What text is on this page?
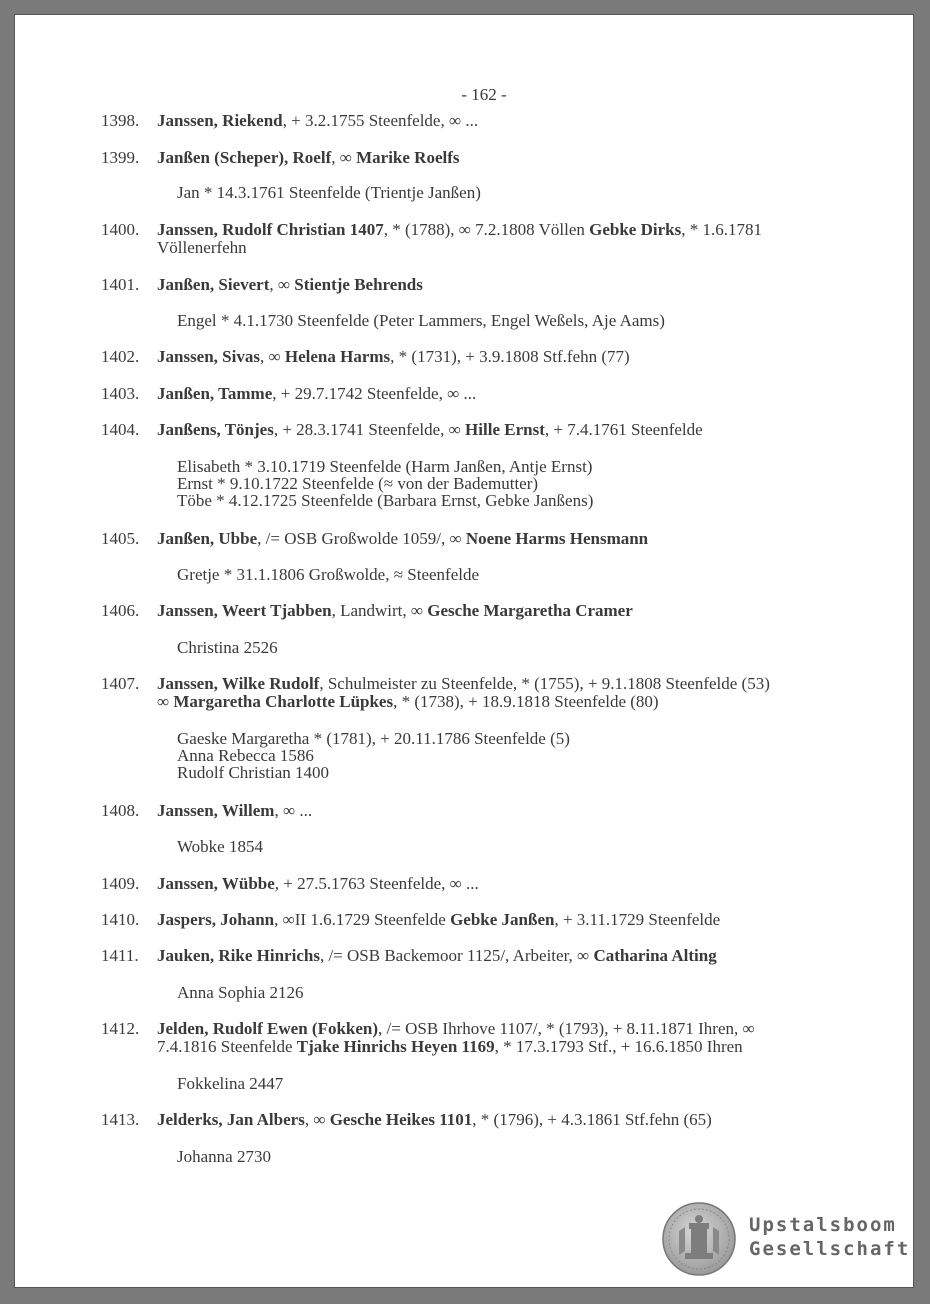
- 162 -
1398. Janssen, Riekend, + 3.2.1755 Steenfelde, ∞ ...
1399. Janßen (Scheper), Roelf, ∞ Marike Roelfs
Jan * 14.3.1761 Steenfelde (Trientje Janßen)
1400. Janssen, Rudolf Christian 1407, * (1788), ∞ 7.2.1808 Völlen Gebke Dirks, * 1.6.1781
Völlenerfehn
1401. Janßen, Sievert, ∞ Stientje Behrends
Engel * 4.1.1730 Steenfelde (Peter Lammers, Engel Weßels, Aje Aams)
1402. Janssen, Sivas, ∞ Helena Harms, * (1731), + 3.9.1808 Stf.fehn (77)
1403. Janßen, Tamme, + 29.7.1742 Steenfelde, ∞ ...
1404. Janßens, Tönjes, + 28.3.1741 Steenfelde, ∞ Hille Ernst, + 7.4.1761 Steenfelde
Elisabeth * 3.10.1719 Steenfelde (Harm Janßen, Antje Ernst)
Ernst * 9.10.1722 Steenfelde (≈ von der Bademutter)
Töbe * 4.12.1725 Steenfelde (Barbara Ernst, Gebke Janßens)
1405. Janßen, Ubbe, /= OSB Großwolde 1059/, ∞ Noene Harms Hensmann
Gretje * 31.1.1806 Großwolde, ≈ Steenfelde
1406. Janssen, Weert Tjabben, Landwirt, ∞ Gesche Margaretha Cramer
Christina 2526
1407. Janssen, Wilke Rudolf, Schulmeister zu Steenfelde, * (1755), + 9.1.1808 Steenfelde (53)
∞ Margaretha Charlotte Lüpkes, * (1738), + 18.9.1818 Steenfelde (80)
Gaeske Margaretha * (1781), + 20.11.1786 Steenfelde (5)
Anna Rebecca 1586
Rudolf Christian 1400
1408. Janssen, Willem, ∞ ...
Wobke 1854
1409. Janssen, Wübbe, + 27.5.1763 Steenfelde, ∞ ...
1410. Jaspers, Johann, ∞II 1.6.1729 Steenfelde Gebke Janßen, + 3.11.1729 Steenfelde
1411. Jauken, Rike Hinrichs, /= OSB Backemoor 1125/, Arbeiter, ∞ Catharina Alting
Anna Sophia 2126
1412. Jelden, Rudolf Ewen (Fokken), /= OSB Ihrhove 1107/, * (1793), + 8.11.1871 Ihren, ∞
7.4.1816 Steenfelde Tjake Hinrichs Heyen 1169, * 17.3.1793 Stf., + 16.6.1850 Ihren
Fokkelina 2447
1413. Jelderks, Jan Albers, ∞ Gesche Heikes 1101, * (1796), + 4.3.1861 Stf.fehn (65)
Johanna 2730
Upstalsboom
Gesellschaft
